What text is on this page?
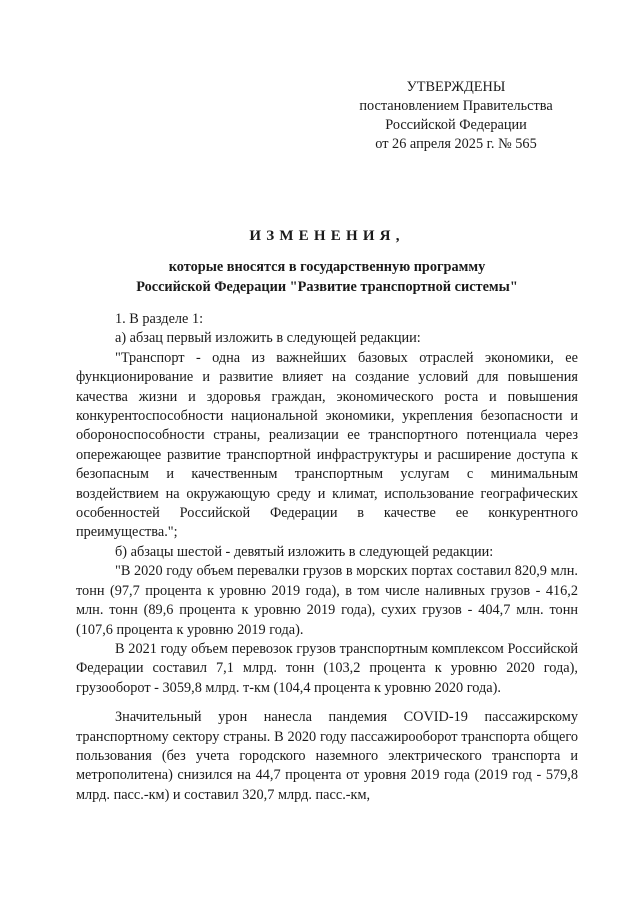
УТВЕРЖДЕНЫ
постановлением Правительства
Российской Федерации
от 26 апреля 2025 г. № 565
ИЗМЕНЕНИЯ,
которые вносятся в государственную программу
Российской Федерации "Развитие транспортной системы"

1. В разделе 1:

а) абзац первый изложить в следующей редакции:

"Транспорт - одна из важнейших базовых отраслей экономики, ее функционирование и развитие влияет на создание условий для повышения качества жизни и здоровья граждан, экономического роста и повышения конкурентоспособности национальной экономики, укрепления безопасности и обороноспособности страны, реализации ее транспортного потенциала через опережающее развитие транспортной инфраструктуры и расширение доступа к безопасным и качественным транспортным услугам с минимальным воздействием на окружающую среду и климат, использование географических особенностей Российской Федерации в качестве ее конкурентного преимущества.";

б) абзацы шестой - девятый изложить в следующей редакции:

"В 2020 году объем перевалки грузов в морских портах составил 820,9 млн. тонн (97,7 процента к уровню 2019 года), в том числе наливных грузов - 416,2 млн. тонн (89,6 процента к уровню 2019 года), сухих грузов - 404,7 млн. тонн (107,6 процента к уровню 2019 года).

В 2021 году объем перевозок грузов транспортным комплексом Российской Федерации составил 7,1 млрд. тонн (103,2 процента к уровню 2020 года), грузооборот - 3059,8 млрд. т-км (104,4 процента к уровню 2020 года).

Значительный урон нанесла пандемия COVID-19 пассажирскому транспортному сектору страны. В 2020 году пассажирооборот транспорта общего пользования (без учета городского наземного электрического транспорта и метрополитена) снизился на 44,7 процента от уровня 2019 года (2019 год - 579,8 млрд. пасс.-км) и составил 320,7 млрд. пасс.-км,
